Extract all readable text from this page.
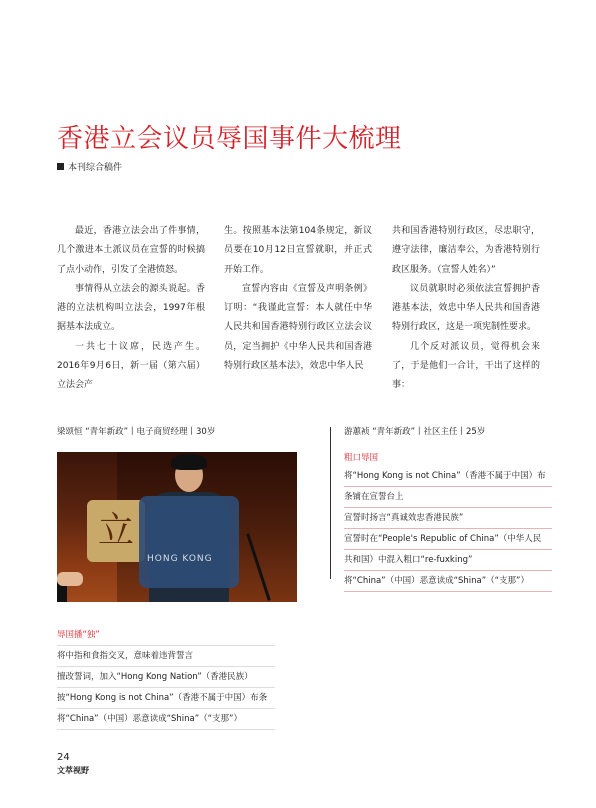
香港立会议员辱国事件大梳理
本刊综合稿件

最近，香港立法会出了件事情，几个激进本土派议员在宣誓的时候搞了点小动作，引发了全港愤怒。

事情得从立法会的源头说起。香港的立法机构叫立法会，1997年根据基本法成立。

一共七十议席，民选产生。2016年9月6日，新一届（第六届）立法会产

生。按照基本法第104条规定，新议员要在10月12日宣誓就职，并正式开始工作。

宣誓内容由《宣誓及声明条例》订明：“我谨此宣誓：本人就任中华人民共和国香港特别行政区立法会议员，定当拥护《中华人民共和国香港特别行政区基本法》，效忠中华人民

共和国香港特别行政区，尽忠职守，遵守法律，廉洁奉公，为香港特别行政区服务。（宣誓人姓名）”

议员就职时必须依法宣誓拥护香港基本法，效忠中华人民共和国香港特别行政区，这是一项宪制性要求。

几个反对派议员，觉得机会来了，于是他们一合计，干出了这样的事：

梁颂恒 “青年新政”丨电子商贸经理丨30岁	游蕙祯 “青年新政”丨社区主任丨25岁
立
HONG KONG
辱国播“独”
将中指和食指交叉，意味着违背誓言
擅改誓词，加入“Hong Kong Nation”（香港民族）
披“Hong Kong is not China”（香港不属于中国）布条
将“China”（中国）恶意读成“Shina”（“支那”）
粗口辱国
将“Hong Kong is not China”（香港不属于中国）布
条铺在宣誓台上
宣誓时扬言“真诚效忠香港民族”
宣誓时在“People's Republic of China”（中华人民
共和国）中混入粗口“re-fuxking”
将“China”（中国）恶意读成“Shina”（“支那”）
24
文萃视野
